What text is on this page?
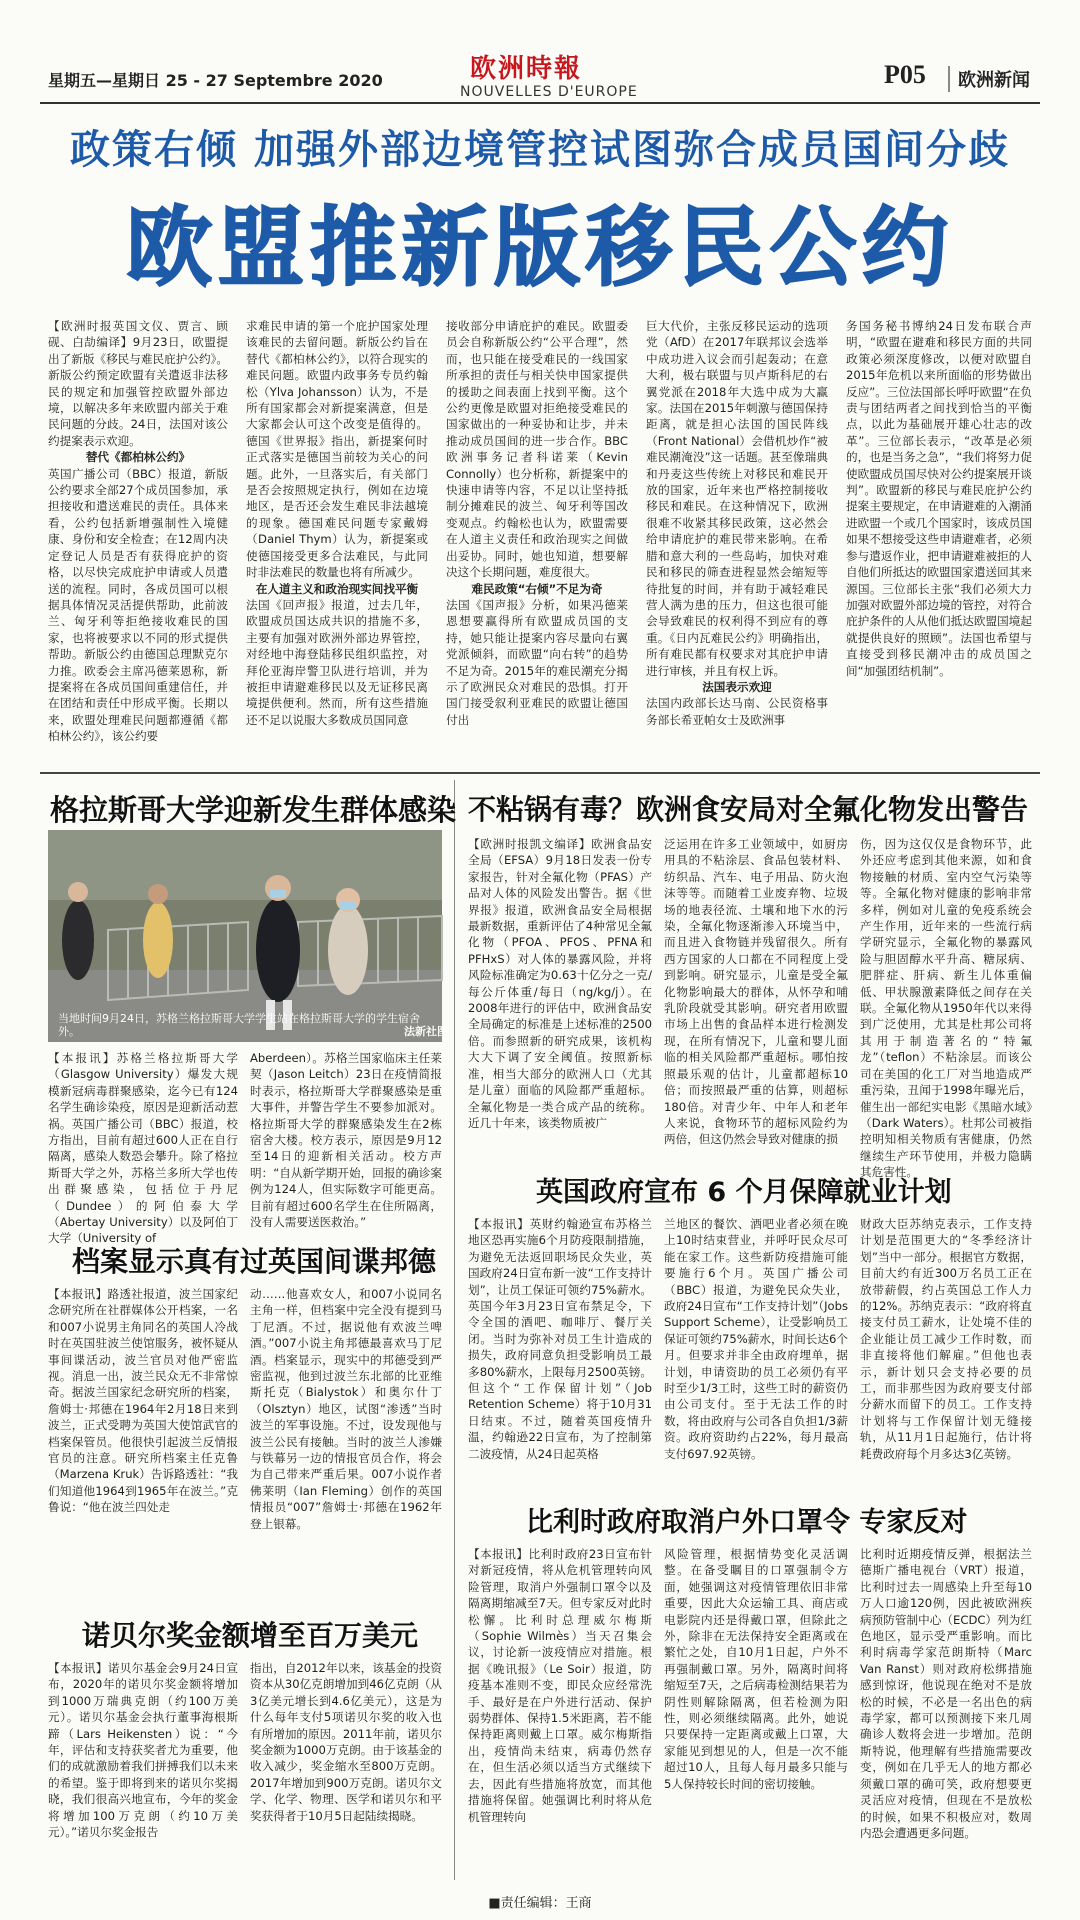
星期五—星期日 25 - 27 Septembre 2020	欧洲時報
NOUVELLES D'EUROPE
P05	欧洲新闻
政策右倾 加强外部边境管控试图弥合成员国间分歧
欧盟推新版移民公约
【欧洲时报英国文仪、贾言、顾砚、白劼编译】9月23日，欧盟提出了新版《移民与难民庇护公约》。新版公约预定欧盟有关遣返非法移民的规定和加强管控欧盟外部边境，以解决多年来欧盟内部关于难民问题的分歧。24日，法国对该公约提案表示欢迎。
替代《都柏林公约》
英国广播公司（BBC）报道，新版公约要求全部27个成员国参加，承担接收和遣送难民的责任。具体来看，公约包括新增强制性入境健康、身份和安全检查；在12周内决定登记人员是否有获得庇护的资格，以尽快完成庇护申请或人员遣送的流程。同时，各成员国可以根据具体情况灵活提供帮助，此前波兰、匈牙利等拒绝接收难民的国家，也将被要求以不同的形式提供帮助。新版公约由德国总理默克尔力推。欧委会主席冯德莱恩称，新提案将在各成员国间重建信任，并在团结和责任中形成平衡。长期以来，欧盟处理难民问题都遵循《都柏林公约》，该公约要
求难民申请的第一个庇护国家处理该难民的去留问题。新版公约旨在替代《都柏林公约》，以符合现实的难民问题。欧盟内政事务专员约翰松（Ylva Johansson）认为，不是所有国家都会对新提案满意，但是大家都会认可这个改变是值得的。德国《世界报》指出，新提案何时正式落实是德国当前较为关心的问题。此外，一旦落实后，有关部门是否会按照规定执行，例如在边境地区，是否还会发生难民非法越境的现象。德国难民问题专家戴姆（Daniel Thym）认为，新提案或使德国接受更多合法难民，与此同时非法难民的数量也将有所减少。
在人道主义和政治现实间找平衡
法国《回声报》报道，过去几年，欧盟成员国达成共识的措施不多，主要有加强对欧洲外部边界管控，对经地中海登陆移民组织监控，对拜伦亚海岸警卫队进行培训，并为被拒申请避难移民以及无证移民离境提供便利。然而，所有这些措施还不足以说服大多数成员国同意
接收部分申请庇护的难民。欧盟委员会自称新版公约“公平合理”，然而，也只能在接受难民的一线国家所承担的责任与相关快申国家提供的援助之间表面上找到平衡。这个公约更像是欧盟对拒绝接受难民的国家做出的一种妥协和让步，并未推动成员国间的进一步合作。BBC欧洲事务记者科诺莱（Kevin Connolly）也分析称，新提案中的快速申请等内容，不足以让坚持抵制分摊难民的波兰、匈牙利等国改变观点。约翰松也认为，欧盟需要在人道主义责任和政治现实之间做出妥协。同时，她也知道，想要解决这个长期问题，难度很大。
难民政策“右倾”不足为奇
法国《国声报》分析，如果冯德莱恩想要赢得所有欧盟成员国的支持，她只能让提案内容尽量向右翼党派倾斜，而欧盟“向右转”的趋势不足为奇。2015年的难民潮充分揭示了欧洲民众对难民的恐惧。打开国门接受叙利亚难民的欧盟让德国付出
巨大代价，主张反移民运动的选项党（AfD）在2017年联邦议会选举中成功进入议会而引起轰动；在意大利，极右联盟与贝卢斯科尼的右翼党派在2018年大选中成为大赢家。法国在2015年刺激与德国保持距离，就是担心法国的国民阵线（Front National）会借机炒作“被难民潮淹没”这一话题。甚至像瑞典和丹麦这些传统上对移民和难民开放的国家，近年来也严格控制接收移民和难民。在这种情况下，欧洲很难不收紧其移民政策，这必然会给申请庇护的难民带来影响。在希腊和意大利的一些岛屿，加快对难民和移民的筛查进程显然会缩短等待批复的时间，并有助于减轻难民营人满为患的压力，但这也很可能会导致难民的权利得不到应有的尊重。《日内瓦难民公约》明确指出，所有难民都有权要求对其庇护申请进行审核，并且有权上诉。
法国表示欢迎
法国内政部长达马南、公民资格事务部长希亚帕女士及欧洲事
务国务秘书博纳24日发布联合声明，“欧盟在避难和移民方面的共同政策必须深度修改，以便对欧盟自2015年危机以来所面临的形势做出反应”。三位法国部长呼吁欧盟“在负责与团结两者之间找到恰当的平衡点，以此为基础展开雄心壮志的改革”。三位部长表示，“改革是必须的，也是当务之急”，“我们将努力促使欧盟成员国尽快对公约提案展开谈判”。欧盟新的移民与难民庇护公约提案主要规定，在申请避难的入潮涌进欧盟一个或几个国家时，该成员国如果不想接受这些申请避难者，必须参与遣返作业，把申请避难被拒的人自他们所抵达的欧盟国家遣送回其来源国。三位部长主张“我们必须大力加强对欧盟外部边境的管控，对符合庇护条件的人从他们抵达欧盟国境起就提供良好的照顾”。法国也希望与直接受到移民潮冲击的成员国之间“加强团结机制”。
格拉斯哥大学迎新发生群体感染
当地时间9月24日，苏格兰格拉斯哥大学学生站在格拉斯哥大学的学生宿舍外。	法新社图
【本报讯】苏格兰格拉斯哥大学（Glasgow University）爆发大规模新冠病毒群聚感染，迄今已有124名学生确诊染疫，原因是迎新活动惹祸。英国广播公司（BBC）报道，校方指出，目前有超过600人正在自行隔离，感染人数恐会攀升。除了格拉斯哥大学之外，苏格兰多所大学也传出群聚感染，包括位于丹尼（Dundee）的阿伯泰大学（Abertay University）以及阿伯丁大学（University of
Aberdeen）。苏格兰国家临床主任莱契（Jason Leitch）23日在疫情简报时表示，格拉斯哥大学群聚感染是重大事件，并警告学生不要参加派对。格拉斯哥大学的群聚感染发生在2栋宿舍大楼。校方表示，原因是9月12至14日的迎新相关活动。校方声明：“自从新学期开始，回报的确诊案例为124人，但实际数字可能更高。目前有超过600名学生在住所隔离，没有人需要送医救治。”
档案显示真有过英国间谍邦德
【本报讯】路透社报道，波兰国家纪念研究所在社群媒体公开档案，一名和007小说男主角同名的英国人冷战时在英国驻波兰使馆服务，被怀疑从事间谍活动，波兰官员对他严密监视。消息一出，波兰民众无不非常惊奇。据波兰国家纪念研究所的档案，詹姆士·邦德在1964年2月18日来到波兰，正式受聘为英国大使馆武官的档案保管员。他很快引起波兰反情报官员的注意。研究所档案主任克鲁（Marzena Kruk）告诉路透社：“我们知道他1964到1965年在波兰。”克鲁说：“他在波兰四处走
动……他喜欢女人，和007小说同名主角一样，但档案中完全没有提到马丁尼酒。不过，据说他有欢波兰啤酒。”007小说主角邦德最喜欢马丁尼酒。档案显示，现实中的邦德受到严密监视，他到过波兰东北部的比亚维斯托克（Bialystok）和奥尔什丁（Olsztyn）地区，试图“渗透”当时波兰的军事设施。不过，设发现他与波兰公民有接触。当时的波兰人渗嫌与铁幕另一边的情报官员合作，将会为自己带来严重后果。007小说作者佛莱明（Ian Fleming）创作的英国情报员“007”詹姆士·邦德在1962年登上银幕。
诺贝尔奖金额增至百万美元
【本报讯】诺贝尔基金会9月24日宣布，2020年的诺贝尔奖金额将增加到1000万瑞典克朗（约100万美元）。诺贝尔基金会执行董事海根斯蹄（Lars Heikensten）说：“今年，评估和支持获奖者尤为重要，他们的成就激励着我们拼搏我们以未来的希望。鉴于即将到来的诺贝尔奖揭晓，我们很高兴地宣布，今年的奖金将增加100万克朗（约10万美元）。”诺贝尔奖金报告
指出，自2012年以来，该基金的投资资本从30亿克朗增加到46亿克朗（从3亿美元增长到4.6亿美元），这是为什么每年支付5项诺贝尔奖的收入也有所增加的原因。2011年前，诺贝尔奖金额为1000万克朗。由于该基金的收入减少，奖金缩水至800万克朗。2017年增加到900万克朗。诺贝尔文学、化学、物理、医学和诺贝尔和平奖获得者于10月5日起陆续揭晓。
不粘锅有毒？欧洲食安局对全氟化物发出警告
【欧洲时报凯文编译】欧洲食品安全局（EFSA）9月18日发表一份专家报告，针对全氟化物（PFAS）产品对人体的风险发出警告。据《世界报》报道，欧洲食品安全局根据最新数据，重新评估了4种常见全氟化物（PFOA、PFOS、PFNA和PFHxS）对人体的暴露风险，并将风险标准确定为0.63十亿分之一克/每公斤体重/每日（ng/kg/j）。在2008年进行的评估中，欧洲食品安全局确定的标准是上述标准的2500倍。而参照新的研究成果，该机构大大下调了安全阈值。按照新标准，相当大部分的欧洲人口（尤其是儿童）面临的风险都严重超标。全氟化物是一类合成产品的统称。近几十年来，该类物质被广
泛运用在许多工业领域中，如厨房用具的不粘涂层、食品包装材料、纺织品、汽车、电子用品、防火泡沫等等。而随着工业废弃物、垃圾场的地表径流、土壤和地下水的污染，全氟化物逐渐渗入环境当中，而且进入食物链并残留很久。所有西方国家的人口都在不同程度上受到影响。研究显示，儿童是受全氟化物影响最大的群体，从怀孕和哺乳阶段就受其影响。研究者用欧盟市场上出售的食品样本进行检测发现，在所有情况下，儿童和婴儿面临的相关风险都严重超标。哪怕按照最乐观的估计，儿童都超标10倍；而按照最严重的估算，则超标180倍。对青少年、中年人和老年人来说，食物环节的超标风险约为两倍，但这仍然会导致对健康的损
伤，因为这仅仅是食物环节，此外还应考虑到其他来源，如和食物接触的材质、室内空气污染等等。全氟化物对健康的影响非常多样，例如对儿童的免疫系统会产生作用，近年来的一些流行病学研究显示，全氟化物的暴露风险与胆固醇水平升高、糖尿病、肥胖症、肝病、新生儿体重偏低、甲状腺激素降低之间存在关联。全氟化物从1950年代以来得到广泛使用，尤其是杜邦公司将其用于制造著名的“特氟龙”（teflon）不粘涂层。而该公司在美国的化工厂对当地造成严重污染，丑闻于1998年曝光后，催生出一部纪实电影《黑暗水域》（Dark Waters）。杜邦公司被指控明知相关物质有害健康，仍然继续生产环节使用，并极力隐瞒其危害性。
英国政府宣布 6 个月保障就业计划
【本报讯】英财约翰逊宣布苏格兰地区恐再实施6个月防疫限制措施，为避免无法返回职场民众失业，英国政府24日宣布新一波“工作支持计划”，让员工保证可领约75%薪水。英国今年3月23日宣布禁足令，下令全国的酒吧、咖啡厅、餐厅关闭。当时为弥补对员工生计造成的损失，政府同意负担受影响员工最多80%薪水，上限每月2500英镑。但这个“工作保留计划”（Job Retention Scheme）将于10月31日结束。不过，随着英国疫情升温，约翰逊22日宣布，为了控制第二波疫情，从24日起英格
兰地区的餐饮、酒吧业者必须在晚上10时结束营业，并呼吁民众尽可能在家工作。这些新防疫措施可能要施行6个月。英国广播公司（BBC）报道，为避免民众失业，政府24日宣布“工作支持计划”（Jobs Support Scheme），让受影响员工保证可领约75%薪水，时间长达6个月。但要求并非全由政府埋单，据计划，申请资助的员工必须仍有平时至少1/3工时，这些工时的薪资仍由公司支付。至于无法工作的时数，将由政府与公司各自负担1/3薪资。政府资助约占22%，每月最高支付697.92英镑。
财政大臣苏纳克表示，工作支持计划是范围更大的“冬季经济计划”当中一部分。根据官方数据，目前大约有近300万名员工正在放带薪假，约占英国总工作人力的12%。苏纳克表示：“政府将直接支付员工薪水，让处境不佳的企业能让员工减少工作时数，而非直接将他们解雇。”但他也表示，新计划只会支持必要的员工，而非那些因为政府要支付部分薪水而留下的员工。工作支持计划将与工作保留计划无缝接轨，从11月1日起施行，估计将耗费政府每个月多达3亿英镑。
比利时政府取消户外口罩令 专家反对
【本报讯】比利时政府23日宣布针对新冠疫情，将从危机管理转向风险管理，取消户外强制口罩令以及隔离期缩减至7天。但专家反对此时松懈。比利时总理威尔梅斯（Sophie Wilmès）当天召集会议，讨论新一波疫情应对措施。根据《晚讯报》（Le Soir）报道，防疫基本准则不变，即民众应经常洗手、最好是在户外进行活动、保护弱势群体、保持1.5米距离，若不能保持距离则戴上口罩。威尔梅斯指出，疫情尚未结束，病毒仍然存在，但生活必须以适当方式继续下去，因此有些措施将放宽，而其他措施将保留。她强调比利时将从危机管理转向
风险管理，根据情势变化灵活调整。在备受瞩目的口罩强制令方面，她强调这对疫情管理依旧非常重要，因此大众运输工具、商店或电影院内还是得戴口罩，但除此之外，除非在无法保持安全距离或在繁忙之处，自10月1日起，户外不再强制戴口罩。另外，隔离时间将缩短至7天，之后病毒检测结果若为阴性则解除隔离，但若检测为阳性，则必须继续隔离。此外，她说只要保持一定距离或戴上口罩，大家能见到想见的人，但是一次不能超过10人，且每人每月最多只能与5人保持较长时间的密切接触。
比利时近期疫情反弹，根据法兰德斯广播电视台（VRT）报道，比利时过去一周感染上升至每10万人口逾120例，因此被欧洲疾病预防管制中心（ECDC）列为红色地区，显示受严重影响。而比利时病毒学家范朗斯特（Marc Van Ranst）则对政府松绑措施感到惊讶，他说现在绝对不是放松的时候，不必是一名出色的病毒学家，都可以预测接下来几周确诊人数将会进一步增加。范朗斯特说，他理解有些措施需要改变，例如在几乎无人的地方都必须戴口罩的确可笑，政府想要更灵活应对疫情，但现在不是放松的时候，如果不积极应对，数周内恐会遭遇更多问题。
■责任编辑：王商
